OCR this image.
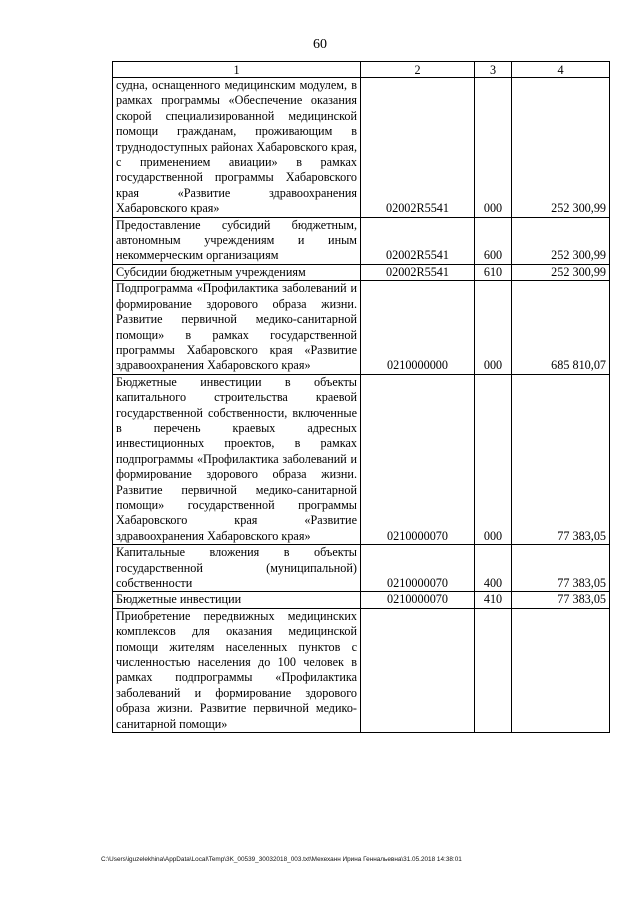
60
1	2	3	4
судна, оснащенного медицинским модулем, в рамках программы «Обеспечение оказания скорой специализированной медицинской помощи гражданам, проживающим в труднодоступных районах Хабаровского края, с применением авиации» в рамках государственной программы Хабаровского края «Развитие здравоохранения Хабаровского края»	02002R5541	000	252 300,99
Предоставление субсидий бюджетным, автономным учреждениям и иным некоммерческим организациям	02002R5541	600	252 300,99
Субсидии бюджетным учреждениям	02002R5541	610	252 300,99
Подпрограмма «Профилактика заболеваний и формирование здорового образа жизни. Развитие первичной медико-санитарной помощи» в рамках государственной программы Хабаровского края «Развитие здравоохранения Хабаровского края»	0210000000	000	685 810,07
Бюджетные инвестиции в объекты капитального строительства краевой государственной собственности, включенные в перечень краевых адресных инвестиционных проектов, в рамках подпрограммы «Профилактика заболеваний и формирование здорового образа жизни. Развитие первичной медико-санитарной помощи» государственной программы Хабаровского края «Развитие здравоохранения Хабаровского края»	0210000070	000	77 383,05
Капитальные вложения в объекты государственной (муниципальной) собственности	0210000070	400	77 383,05
Бюджетные инвестиции	0210000070	410	77 383,05
Приобретение передвижных медицинских комплексов для оказания медицинской помощи жителям населенных пунктов с численностью населения до 100 человек в рамках подпрограммы «Профилактика заболеваний и формирование здорового образа жизни. Развитие первичной медико-санитарной помощи»			
C:\Users\iguzelekhina\AppData\Local\Temp\3K_00539_30032018_003.txt\Мехеханн Ирина Геннальевна\31.05.2018 14:38:01
